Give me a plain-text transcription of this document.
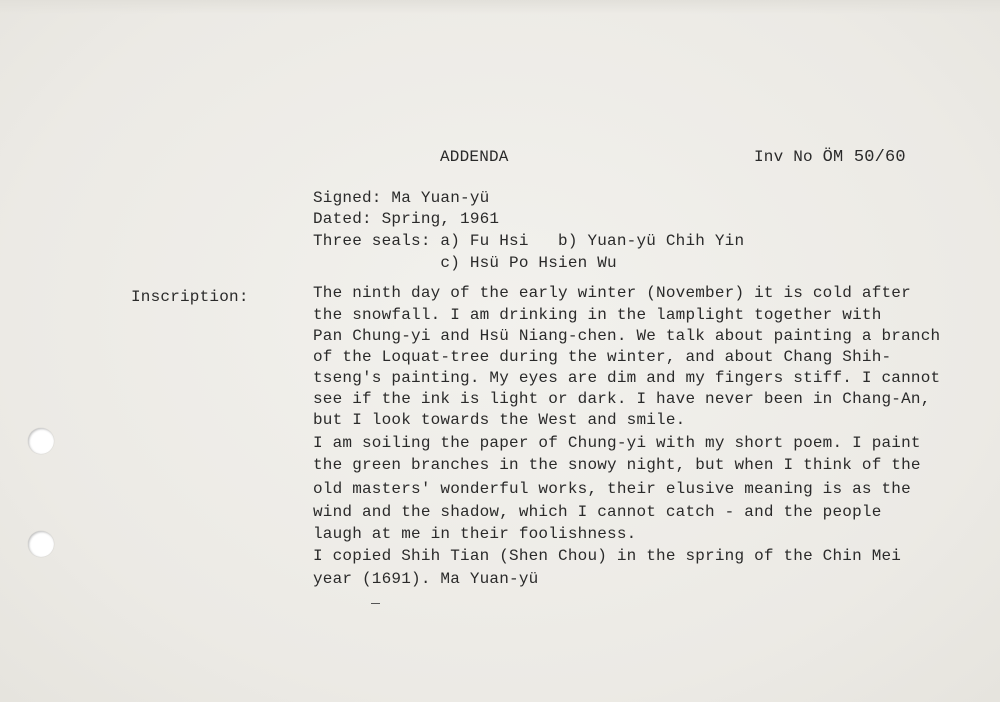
ADDENDA	Inv No ÖM 50/60
Signed: Ma Yuan-yü
Dated: Spring, 1961
Three seals: a) Fu Hsi   b) Yuan-yü Chih Yin
c) Hsü Po Hsien Wu
Inscription:	The ninth day of the early winter (November) it is cold after
the snowfall. I am drinking in the lamplight together with
Pan Chung-yi and Hsü Niang-chen. We talk about painting a branch
of the Loquat-tree during the winter, and about Chang Shih-
tseng's painting. My eyes are dim and my fingers stiff. I cannot
see if the ink is light or dark. I have never been in Chang-An,
but I look towards the West and smile.
I am soiling the paper of Chung-yi with my short poem. I paint
the green branches in the snowy night, but when I think of the
old masters' wonderful works, their elusive meaning is as the
wind and the shadow, which I cannot catch - and the people
laugh at me in their foolishness.
I copied Shih Tian (Shen Chou) in the spring of the Chin Mei
year (1691). Ma Yuan-yü
